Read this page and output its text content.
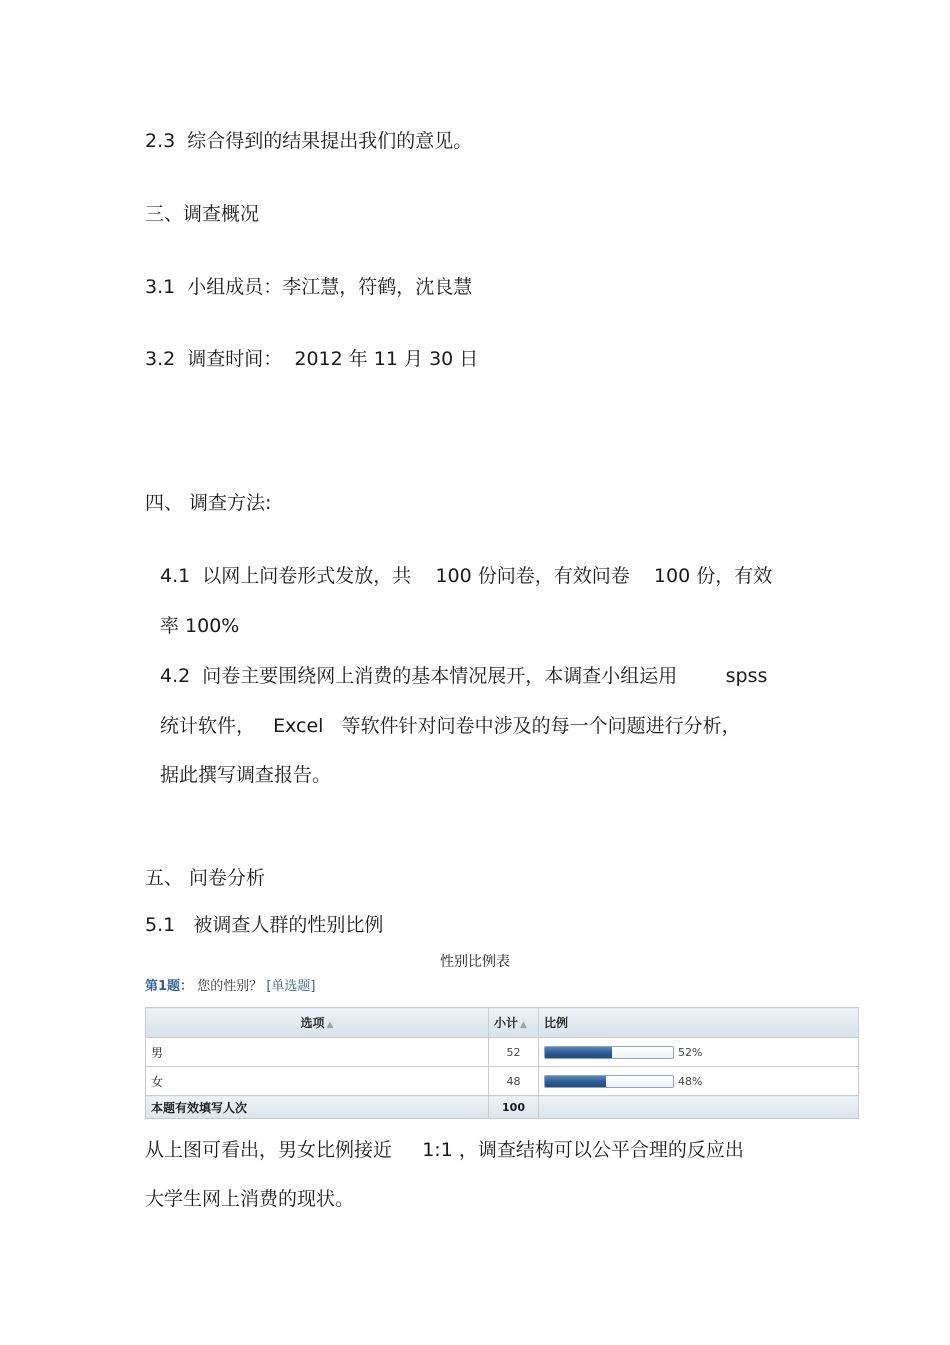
2.3  综合得到的结果提出我们的意见。
三、调查概况
3.1  小组成员：李江慧，符鹤，沈良慧
3.2  调查时间：  2012 年 11 月 30 日
四、 调查方法:
4.1  以网上问卷形式发放，共    100 份问卷，有效问卷    100 份，有效
率 100%
4.2  问卷主要围绕网上消费的基本情况展开，本调查小组运用        spss
统计软件，   Excel   等软件针对问卷中涉及的每一个问题进行分析，
据此撰写调查报告。
五、 问卷分析
5.1   被调查人群的性别比例
性别比例表
第1题： 您的性别？ [单选题]
选项 ▲	小计 ▲	比例
男	52	52%

女	48	48%

本题有效填写人次	100	
从上图可看出，男女比例接近     1:1 ，调查结构可以公平合理的反应出
大学生网上消费的现状。
